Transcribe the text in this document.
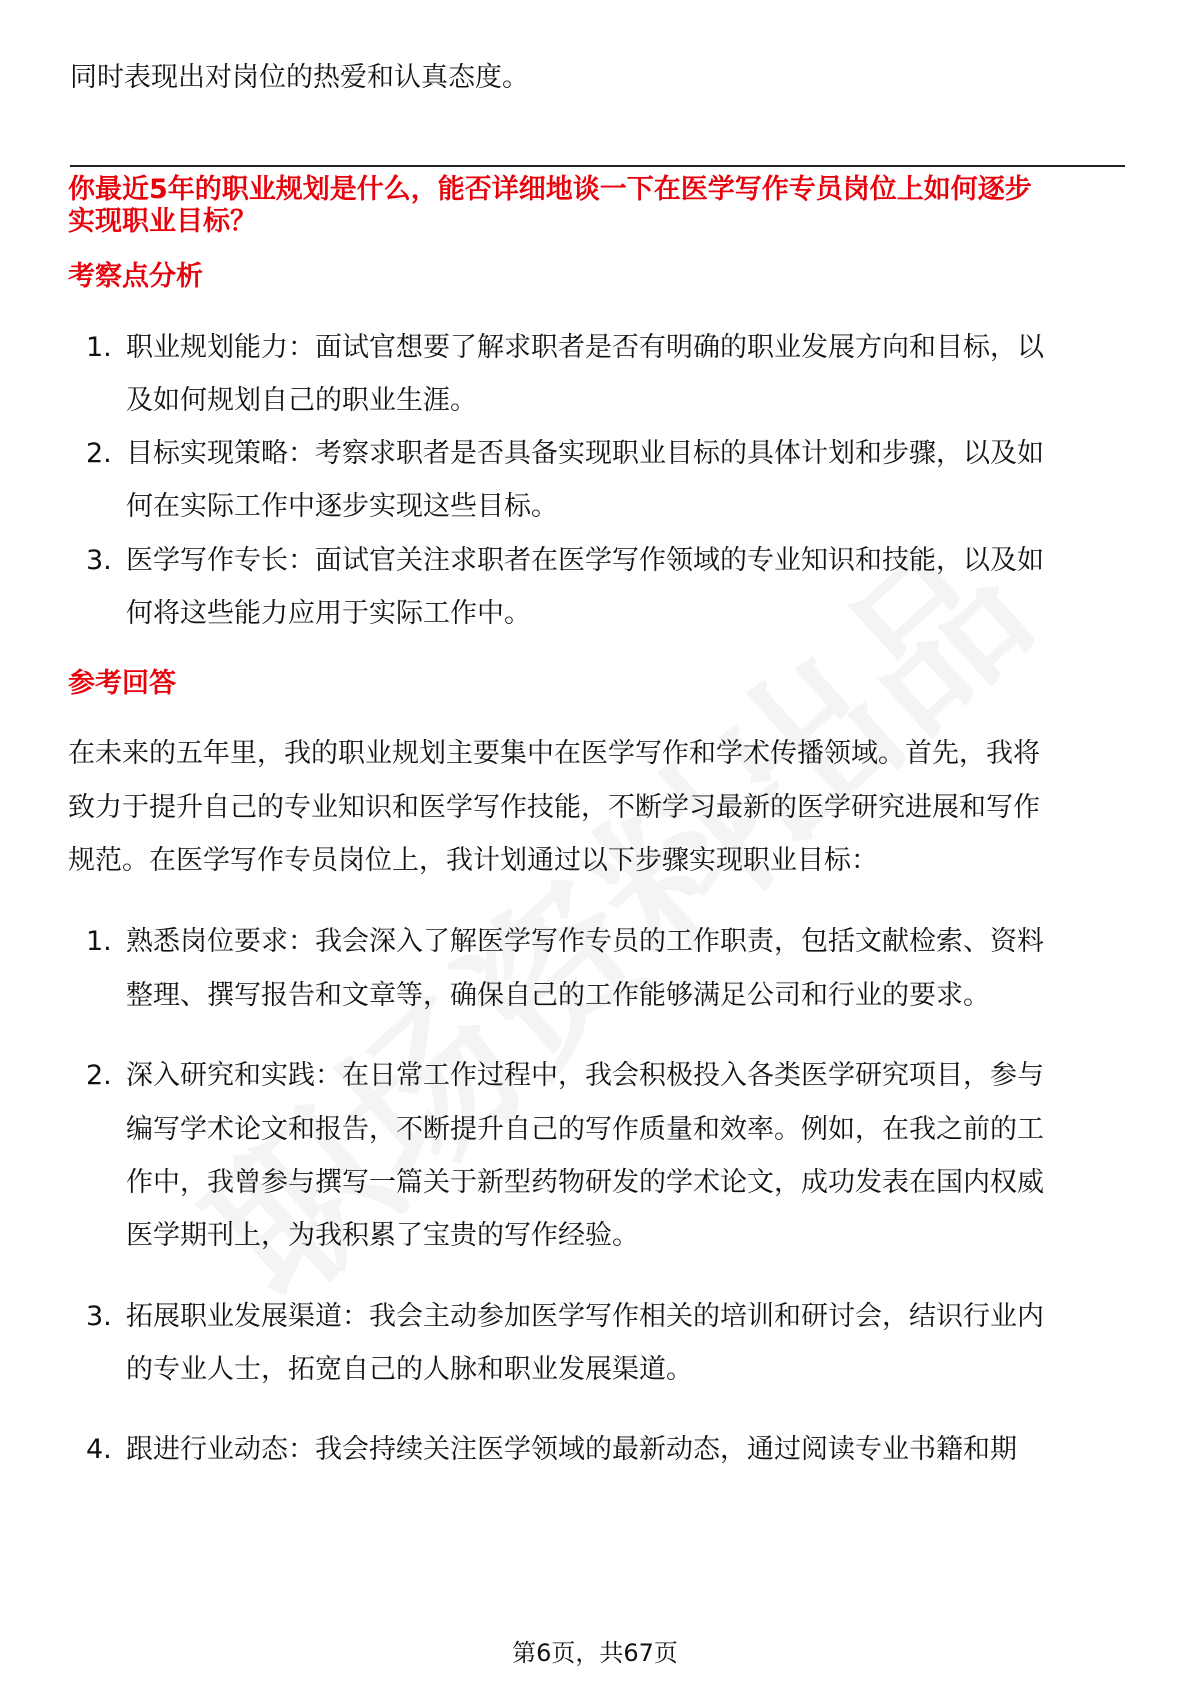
同时表现出对岗位的热爱和认真态度。
你最近5年的职业规划是什么，能否详细地谈一下在医学写作专员岗位上如何逐步
实现职业目标？
考察点分析
1. 职业规划能力：面试官想要了解求职者是否有明确的职业发展方向和目标，以
及如何规划自己的职业生涯。
2. 目标实现策略：考察求职者是否具备实现职业目标的具体计划和步骤，以及如
何在实际工作中逐步实现这些目标。
3. 医学写作专长：面试官关注求职者在医学写作领域的专业知识和技能，以及如
何将这些能力应用于实际工作中。
参考回答
在未来的五年里，我的职业规划主要集中在医学写作和学术传播领域。首先，我将
致力于提升自己的专业知识和医学写作技能，不断学习最新的医学研究进展和写作
规范。在医学写作专员岗位上，我计划通过以下步骤实现职业目标：
1. 熟悉岗位要求：我会深入了解医学写作专员的工作职责，包括文献检索、资料
整理、撰写报告和文章等，确保自己的工作能够满足公司和行业的要求。
2. 深入研究和实践：在日常工作过程中，我会积极投入各类医学研究项目，参与
编写学术论文和报告，不断提升自己的写作质量和效率。例如，在我之前的工
作中，我曾参与撰写一篇关于新型药物研发的学术论文，成功发表在国内权威
医学期刊上，为我积累了宝贵的写作经验。
3. 拓展职业发展渠道：我会主动参加医学写作相关的培训和研讨会，结识行业内
的专业人士，拓宽自己的人脉和职业发展渠道。
4. 跟进行业动态：我会持续关注医学领域的最新动态，通过阅读专业书籍和期
第6页，共67页
